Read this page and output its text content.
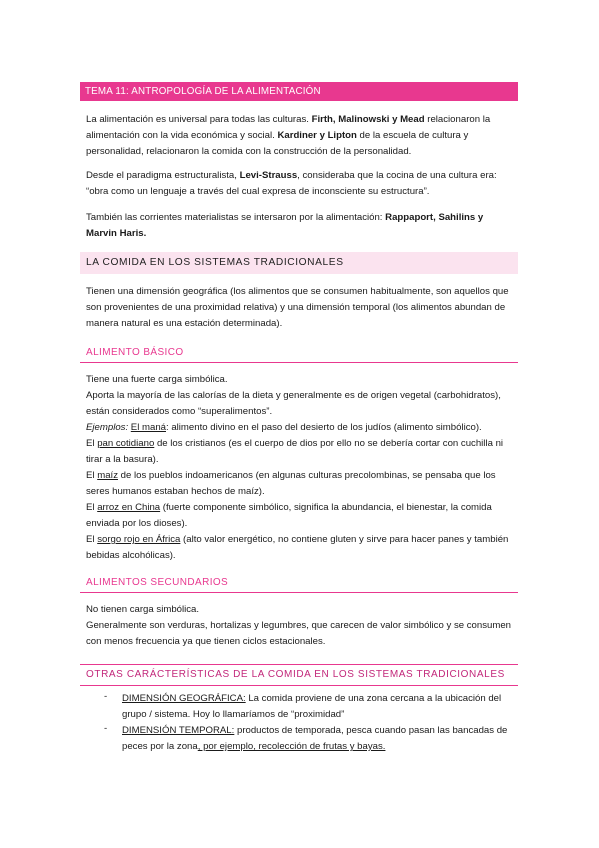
TEMA 11: ANTROPOLOGÍA DE LA ALIMENTACIÓN
La alimentación es universal para todas las culturas. Firth, Malinowski y Mead relacionaron la alimentación con la vida económica y social. Kardiner y Lipton de la escuela de cultura y personalidad, relacionaron la comida con la construcción de la personalidad.
Desde el paradigma estructuralista, Levi-Strauss, consideraba que la cocina de una cultura era: “obra como un lenguaje a través del cual expresa de inconsciente su estructura”.
También las corrientes materialistas se intersaron por la alimentación: Rappaport, Sahilins y Marvin Haris.
LA COMIDA EN LOS SISTEMAS TRADICIONALES
Tienen una dimensión geográfica (los alimentos que se consumen habitualmente, son aquellos que son provenientes de una proximidad relativa) y una dimensión temporal (los alimentos abundan de manera natural es una estación determinada).
ALIMENTO BÁSICO
Tiene una fuerte carga simbólica.
Aporta la mayoría de las calorías de la dieta y generalmente es de origen vegetal (carbohidratos), están considerados como “superalimentos”.
Ejemplos: El maná: alimento divino en el paso del desierto de los judíos (alimento simbólico).
El pan cotidiano de los cristianos (es el cuerpo de dios por ello no se debería cortar con cuchilla ni tirar a la basura).
El maíz de los pueblos indoamericanos (en algunas culturas precolombinas, se pensaba que los seres humanos estaban hechos de maíz).
El arroz en China (fuerte componente simbólico, significa la abundancia, el bienestar, la comida enviada por los dioses).
El sorgo rojo en África (alto valor energético, no contiene gluten y sirve para hacer panes y también bebidas alcohólicas).
ALIMENTOS SECUNDARIOS
No tienen carga simbólica.
Generalmente son verduras, hortalizas y legumbres, que carecen de valor simbólico y se consumen con menos frecuencia ya que tienen ciclos estacionales.
OTRAS CARÁCTERÍSTICAS DE LA COMIDA EN LOS SISTEMAS TRADICIONALES
-	DIMENSIÓN GEOGRÁFICA: La comida proviene de una zona cercana a la ubicación del grupo / sistema. Hoy lo llamaríamos de “proximidad”
-	DIMENSIÓN TEMPORAL: productos de temporada, pesca cuando pasan las bancadas de peces por la zona, por ejemplo, recolección de frutas y bayas.
